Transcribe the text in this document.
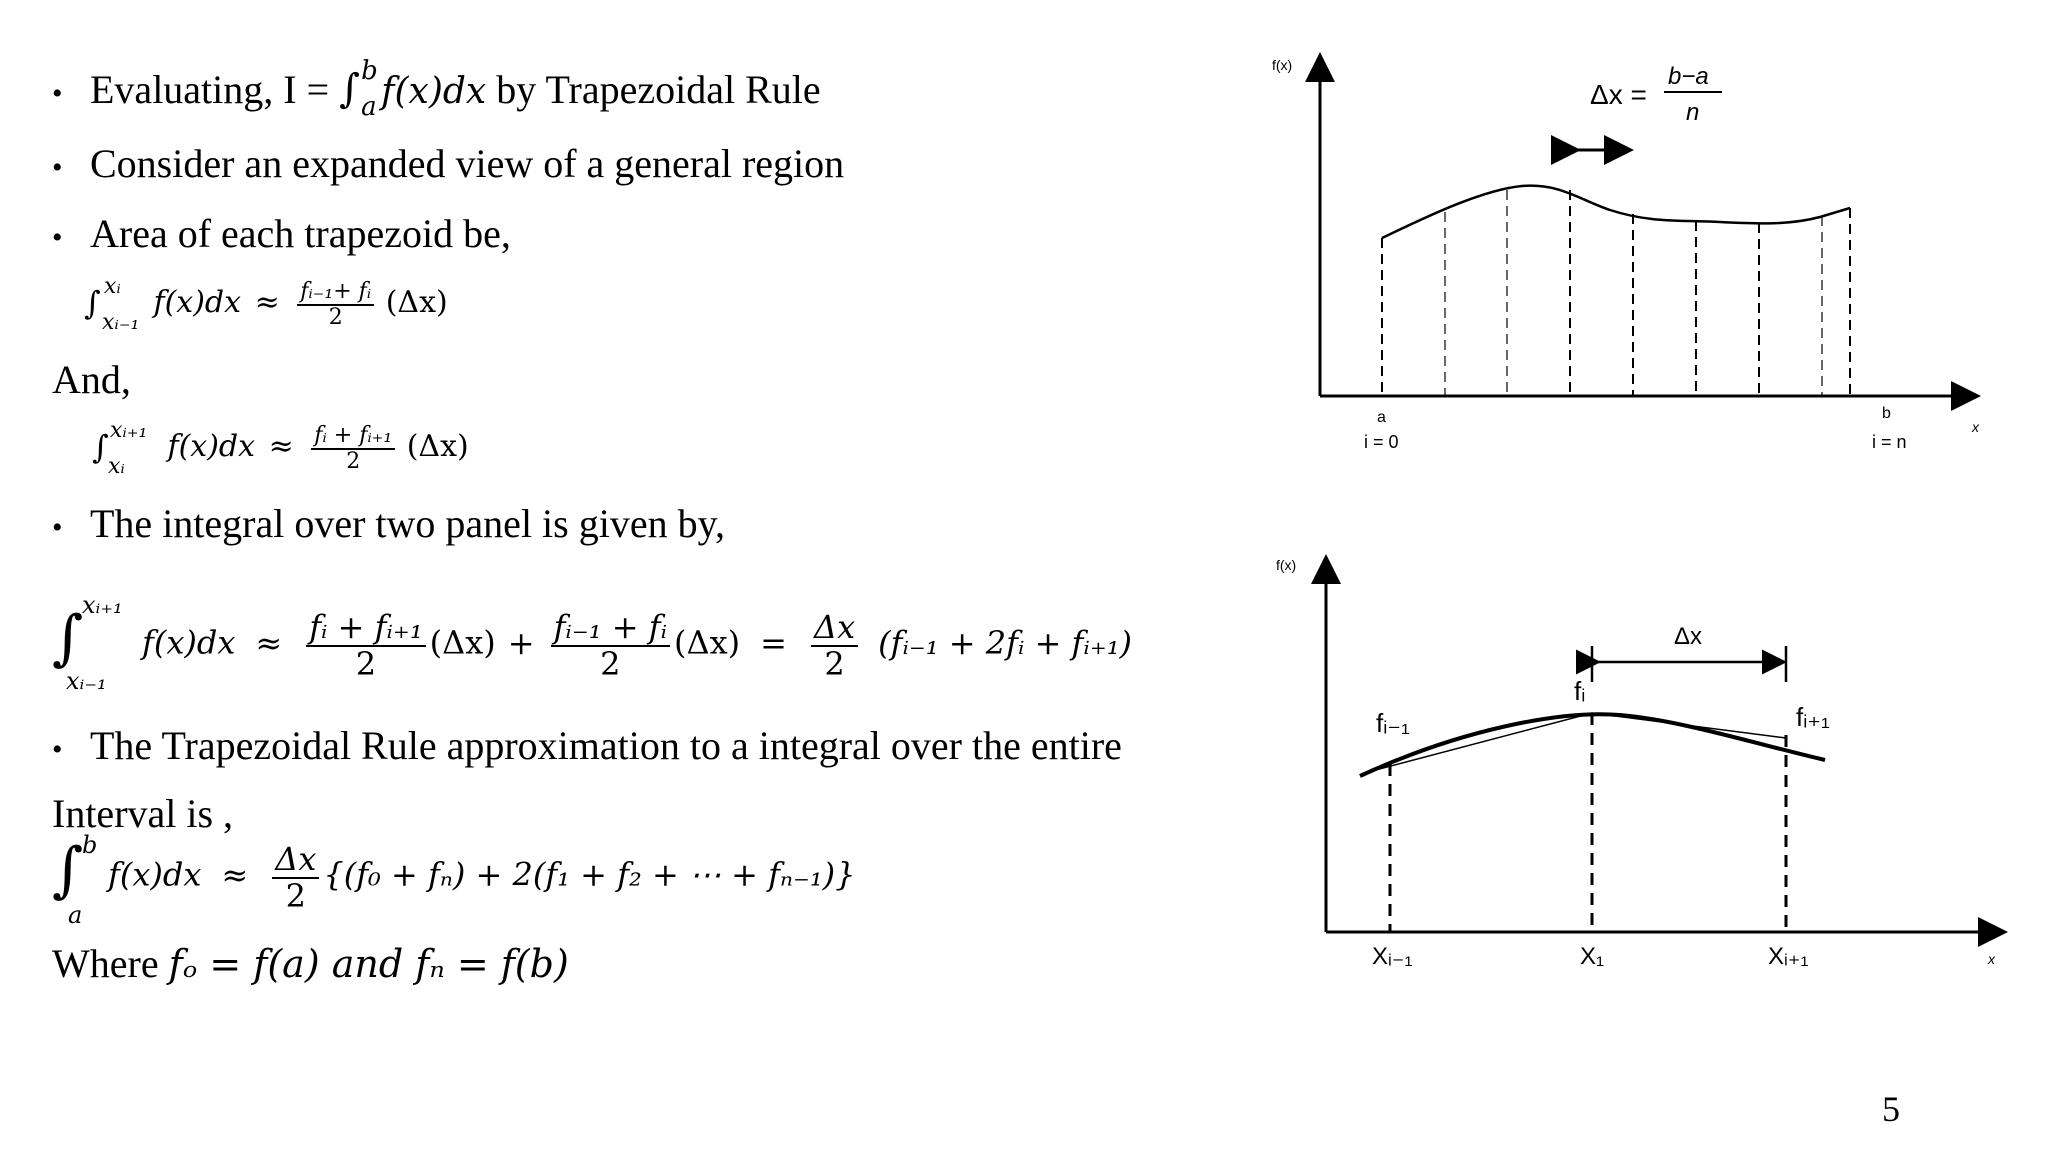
• Evaluating, I = ∫ b
a f(x)dx by Trapezoidal Rule
• Consider an expanded view of a general region
• Area of each trapezoid be,
∫ xᵢ
xᵢ₋₁
$f(x)dx \approx \frac{\text{fᵢ₋₁+ fᵢ}}{2} (\Delta x)$
And,
∫ xᵢ₊₁
xᵢ
$f(x)dx \approx \frac{\text{fᵢ + fᵢ₊₁}}{2} (\Delta x)$
• The integral over two panel is given by,
∫
xᵢ₊₁
xᵢ₋₁
$f(x)dx \approx \frac{\text{fᵢ + fᵢ₊₁}}{2} (\Delta x) + \frac{\text{fᵢ₋₁ + fᵢ}}{2} (\Delta x) = \frac{\Delta x}{2}$ (fᵢ₋₁ + 2fᵢ + fᵢ₊₁)
• The Trapezoidal Rule approximation to a integral over the entire
Interval is ,
∫
b
a
$f(x)dx \approx \frac{\Delta x}{2} \{(f_0 + f_n) + 2(f_1 + f_2$ + ⋯ + fₙ₋₁)}
Where fₒ = f(a) and fₙ = f(b)
5
f(x)
x
Δx =
b−a
n
a
i = 0
b
i = n
f(x)
x
Δx
fᵢ₋₁
fᵢ
fᵢ₊₁
Xᵢ₋₁	X₁	Xᵢ₊₁
